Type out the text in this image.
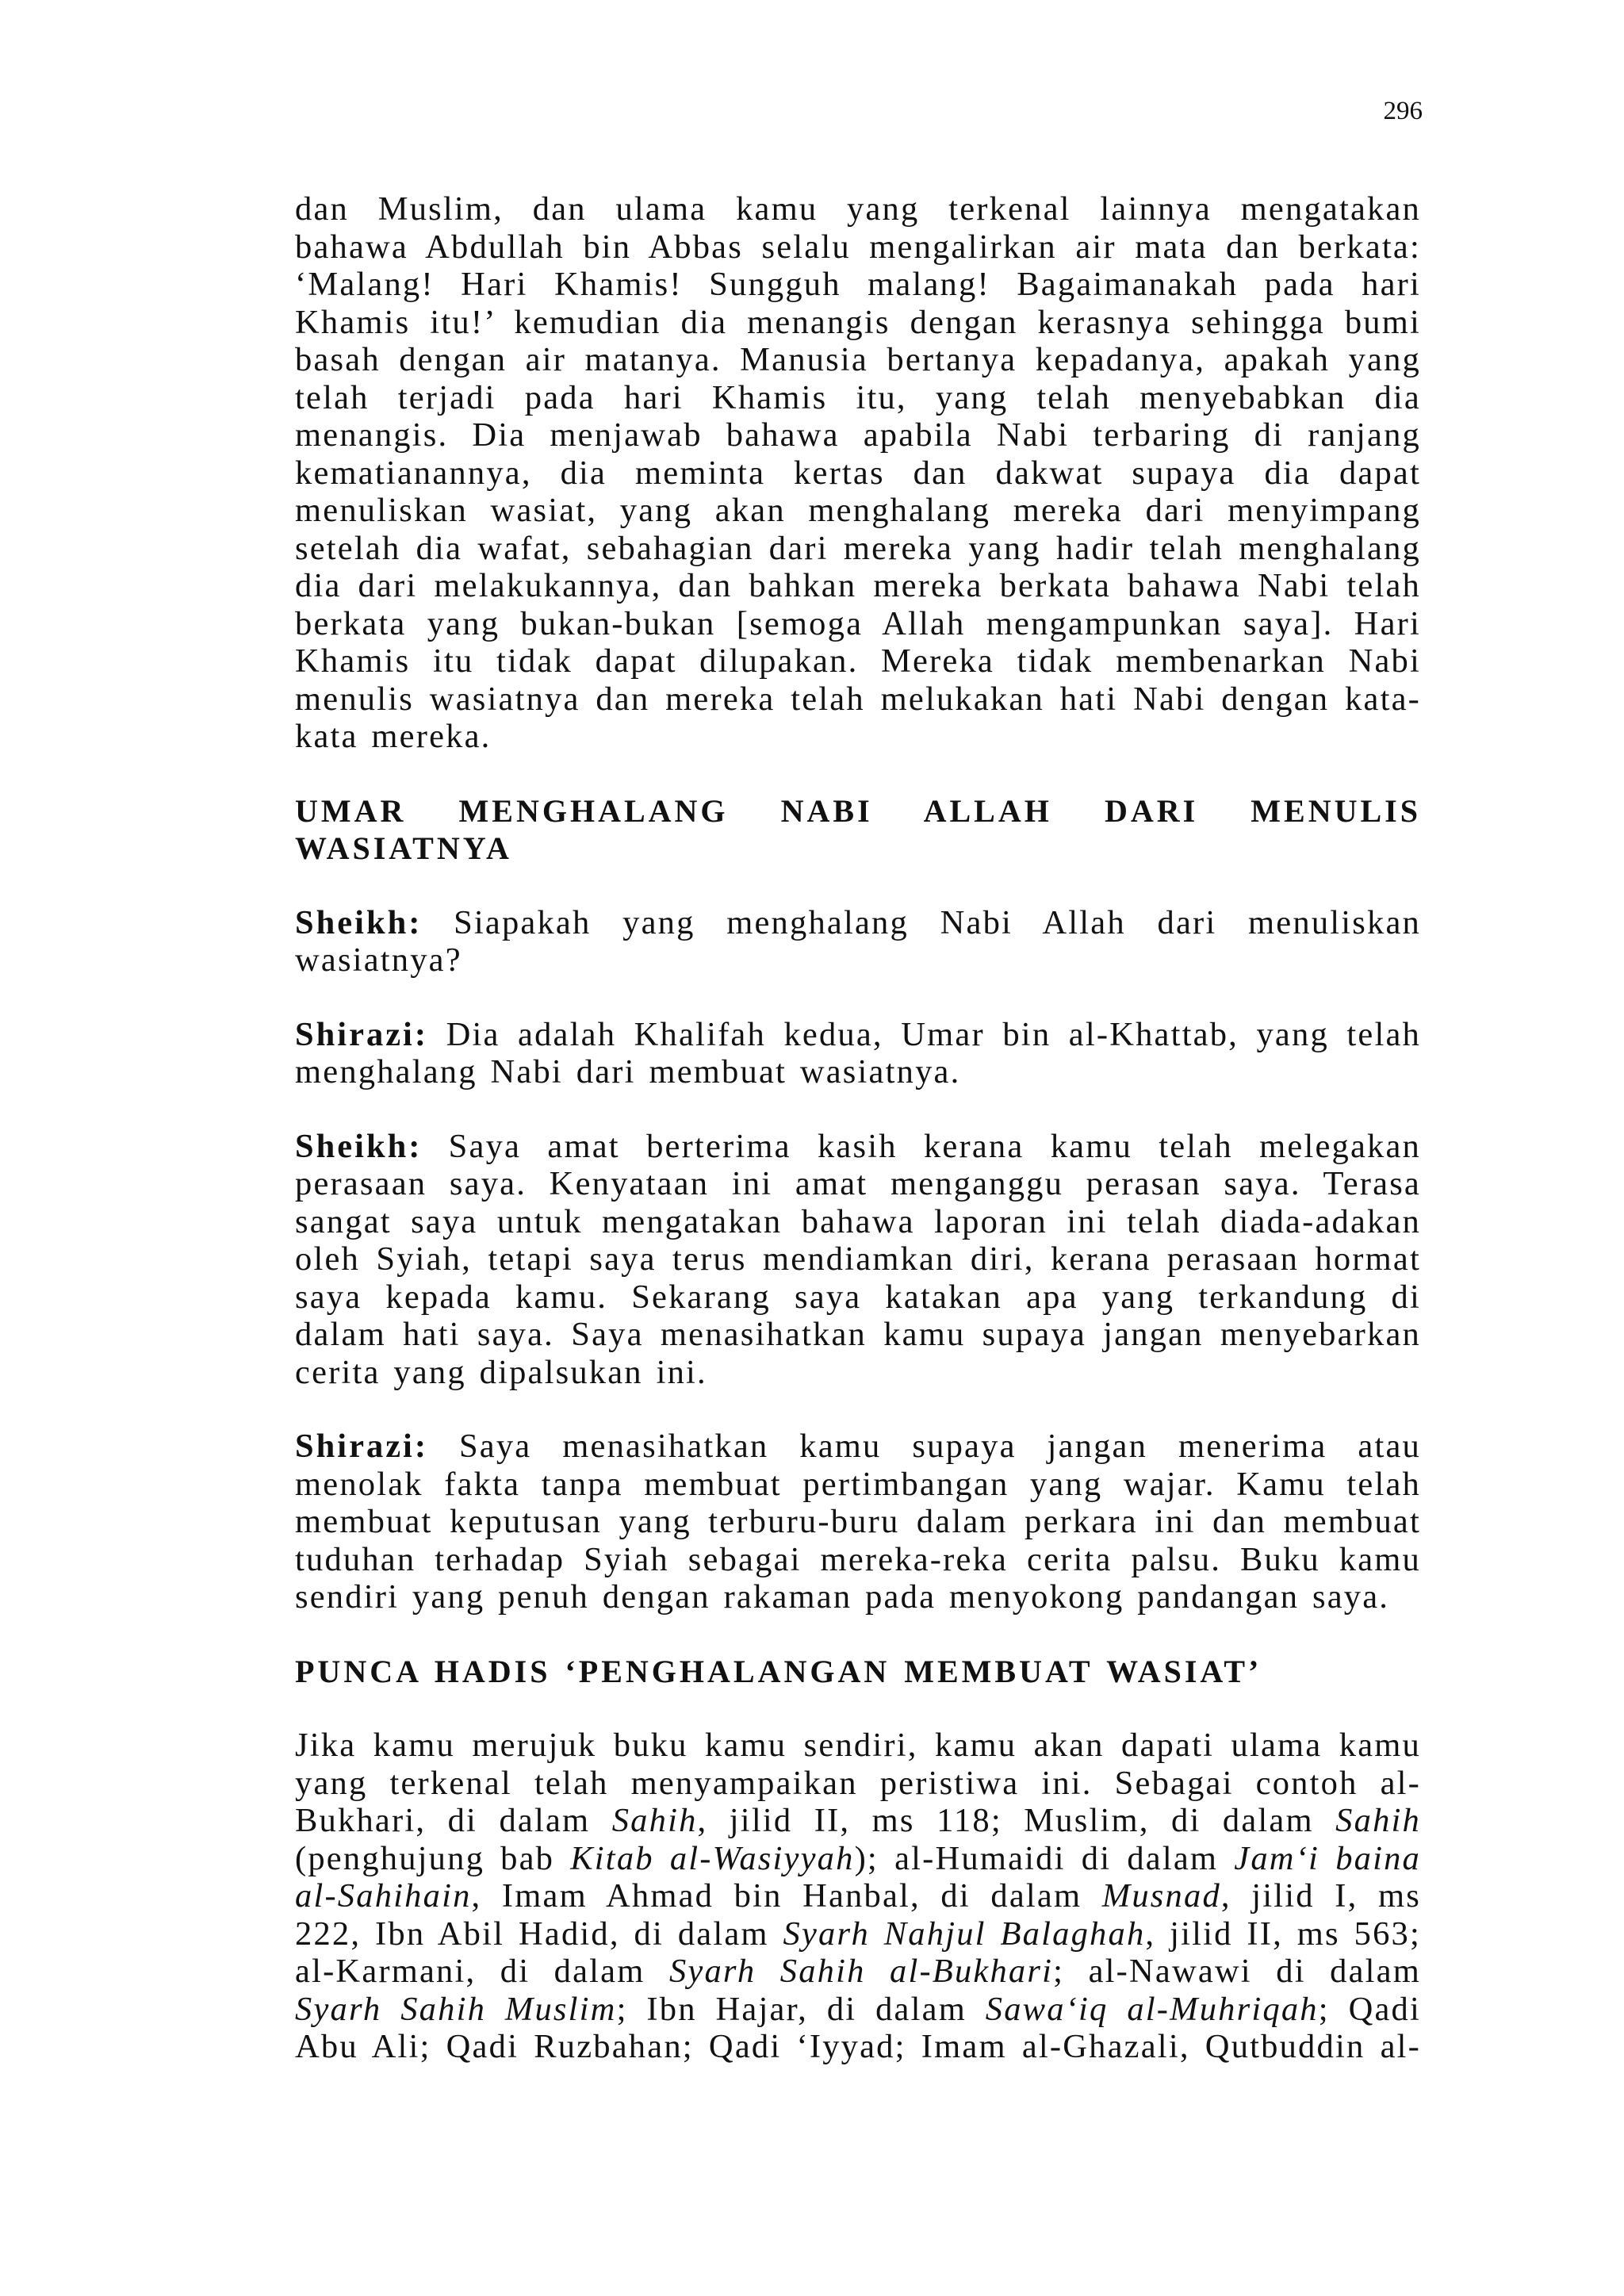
296

dan Muslim, dan ulama kamu yang terkenal lainnya mengatakan bahawa Abdullah bin Abbas selalu mengalirkan air mata dan berkata: ‘Malang! Hari Khamis! Sungguh malang! Bagaimanakah pada hari Khamis itu!’ kemudian dia menangis dengan kerasnya sehingga bumi basah dengan air matanya. Manusia bertanya kepadanya, apakah yang telah terjadi pada hari Khamis itu, yang telah menyebabkan dia menangis. Dia menjawab bahawa apabila Nabi terbaring di ranjang kematianannya, dia meminta kertas dan dakwat supaya dia dapat menuliskan wasiat, yang akan menghalang mereka dari menyimpang setelah dia wafat, sebahagian dari mereka yang hadir telah menghalang dia dari melakukannya, dan bahkan mereka berkata bahawa Nabi telah berkata yang bukan-bukan [semoga Allah mengampunkan saya]. Hari Khamis itu tidak dapat dilupakan. Mereka tidak membenarkan Nabi menulis wasiatnya dan mereka telah melukakan hati Nabi dengan kata-kata mereka.

UMAR MENGHALANG NABI ALLAH DARI MENULIS WASIATNYA

Sheikh: Siapakah yang menghalang Nabi Allah dari menuliskan wasiatnya?

Shirazi: Dia adalah Khalifah kedua, Umar bin al-Khattab, yang telah menghalang Nabi dari membuat wasiatnya.

Sheikh: Saya amat berterima kasih kerana kamu telah melegakan perasaan saya. Kenyataan ini amat menganggu perasan saya. Terasa sangat saya untuk mengatakan bahawa laporan ini telah diada-adakan oleh Syiah, tetapi saya terus mendiamkan diri, kerana perasaan hormat saya kepada kamu. Sekarang saya katakan apa yang terkandung di dalam hati saya. Saya menasihatkan kamu supaya jangan menyebarkan cerita yang dipalsukan ini.

Shirazi: Saya menasihatkan kamu supaya jangan menerima atau menolak fakta tanpa membuat pertimbangan yang wajar. Kamu telah membuat keputusan yang terburu-buru dalam perkara ini dan membuat tuduhan terhadap Syiah sebagai mereka-reka cerita palsu. Buku kamu sendiri yang penuh dengan rakaman pada menyokong pandangan saya.

PUNCA HADIS ‘PENGHALANGAN MEMBUAT WASIAT’

Jika kamu merujuk buku kamu sendiri, kamu akan dapati ulama kamu yang terkenal telah menyampaikan peristiwa ini. Sebagai contoh al-Bukhari, di dalam Sahih, jilid II, ms 118; Muslim, di dalam Sahih (penghujung bab Kitab al-Wasiyyah); al-Humaidi di dalam Jam‘i baina al-Sahihain, Imam Ahmad bin Hanbal, di dalam Musnad, jilid I, ms 222, Ibn Abil Hadid, di dalam Syarh Nahjul Balaghah, jilid II, ms 563; al-Karmani, di dalam Syarh Sahih al-Bukhari; al-Nawawi di dalam Syarh Sahih Muslim; Ibn Hajar, di dalam Sawa‘iq al-Muhriqah; Qadi Abu Ali; Qadi Ruzbahan; Qadi ‘Iyyad; Imam al-Ghazali, Qutbuddin al-
